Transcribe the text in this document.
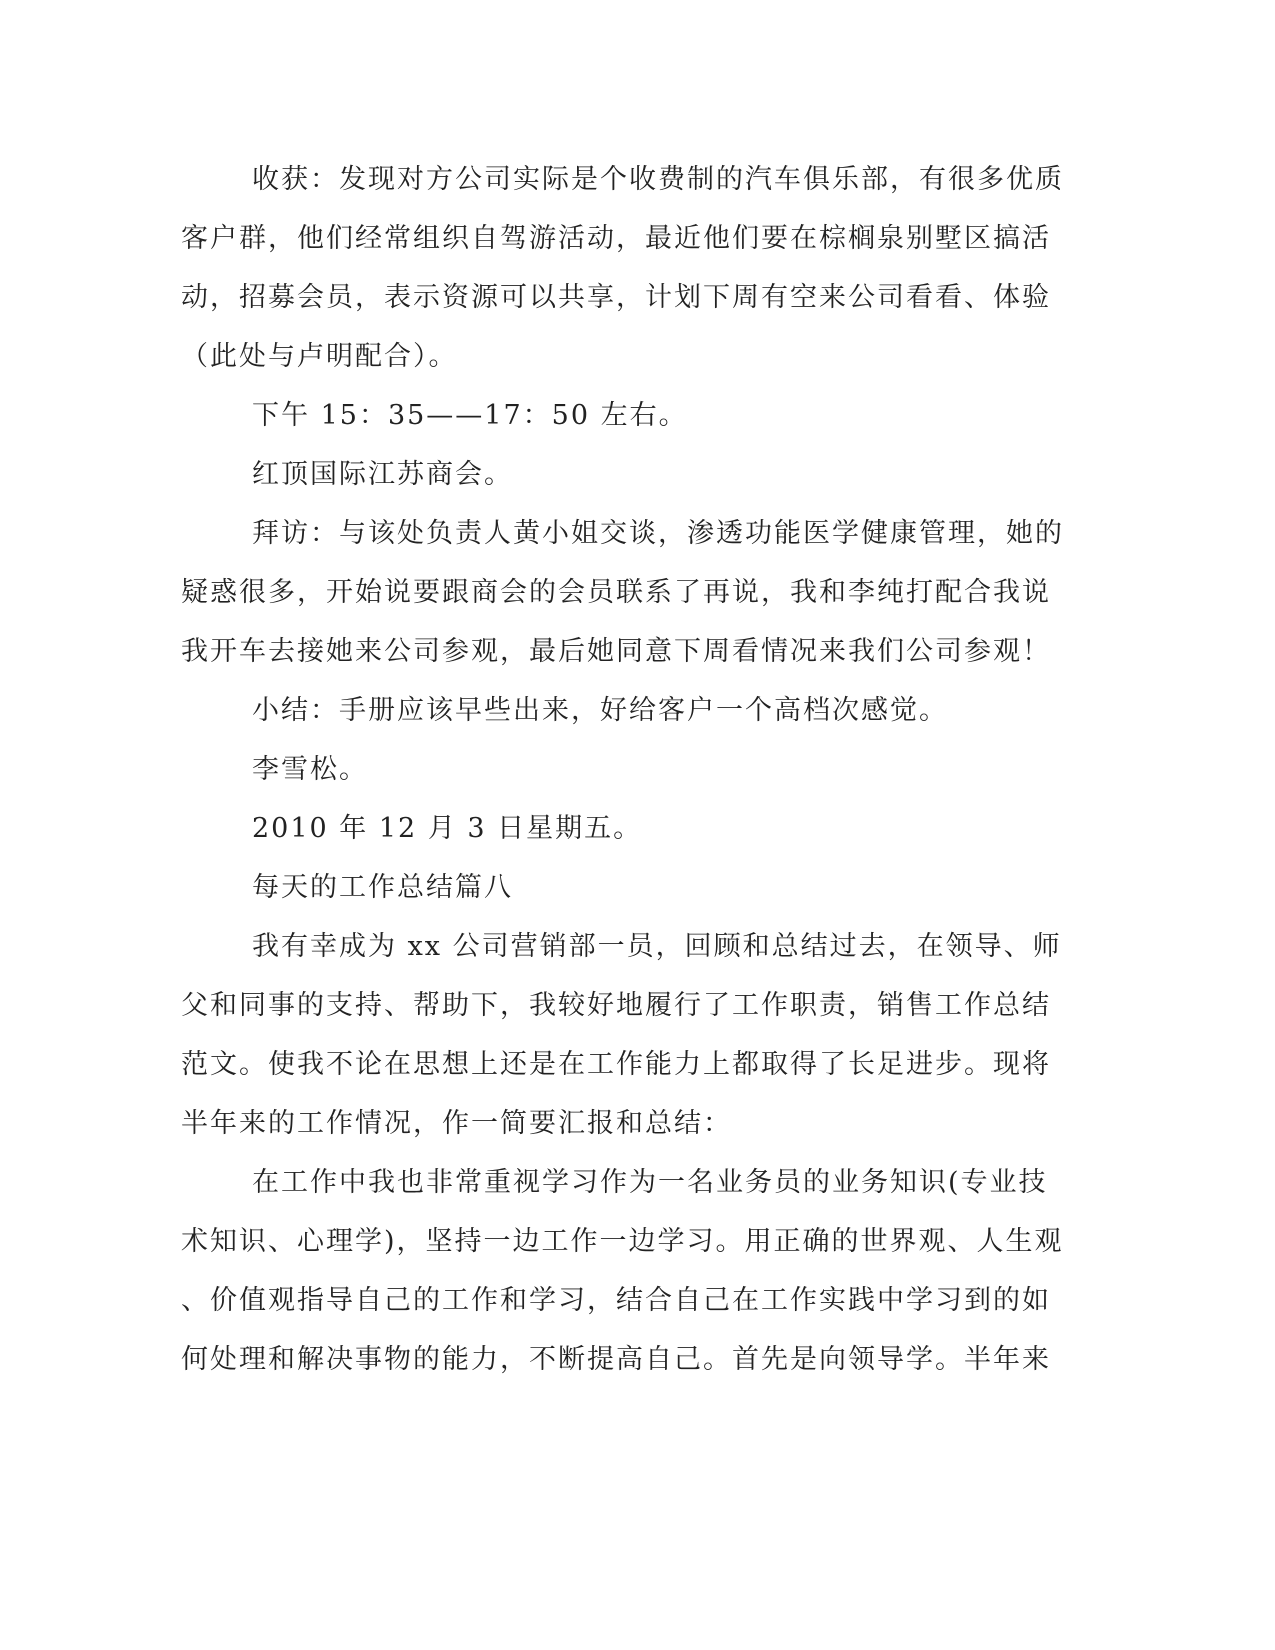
收获：发现对方公司实际是个收费制的汽车俱乐部，有很多优质
客户群，他们经常组织自驾游活动，最近他们要在棕榈泉别墅区搞活
动，招募会员，表示资源可以共享，计划下周有空来公司看看、体验
（此处与卢明配合）。
下午 15：35——17：50 左右。
红顶国际江苏商会。
拜访：与该处负责人黄小姐交谈，渗透功能医学健康管理，她的
疑惑很多，开始说要跟商会的会员联系了再说，我和李纯打配合我说
我开车去接她来公司参观，最后她同意下周看情况来我们公司参观！
小结：手册应该早些出来，好给客户一个高档次感觉。
李雪松。
2010 年 12 月 3 日星期五。
每天的工作总结篇八
我有幸成为 xx 公司营销部一员，回顾和总结过去，在领导、师
父和同事的支持、帮助下，我较好地履行了工作职责，销售工作总结
范文。使我不论在思想上还是在工作能力上都取得了长足进步。现将
半年来的工作情况，作一简要汇报和总结：
在工作中我也非常重视学习作为一名业务员的业务知识(专业技
术知识、心理学)，坚持一边工作一边学习。用正确的世界观、人生观
、价值观指导自己的工作和学习，结合自己在工作实践中学习到的如
何处理和解决事物的能力，不断提高自己。首先是向领导学。半年来
